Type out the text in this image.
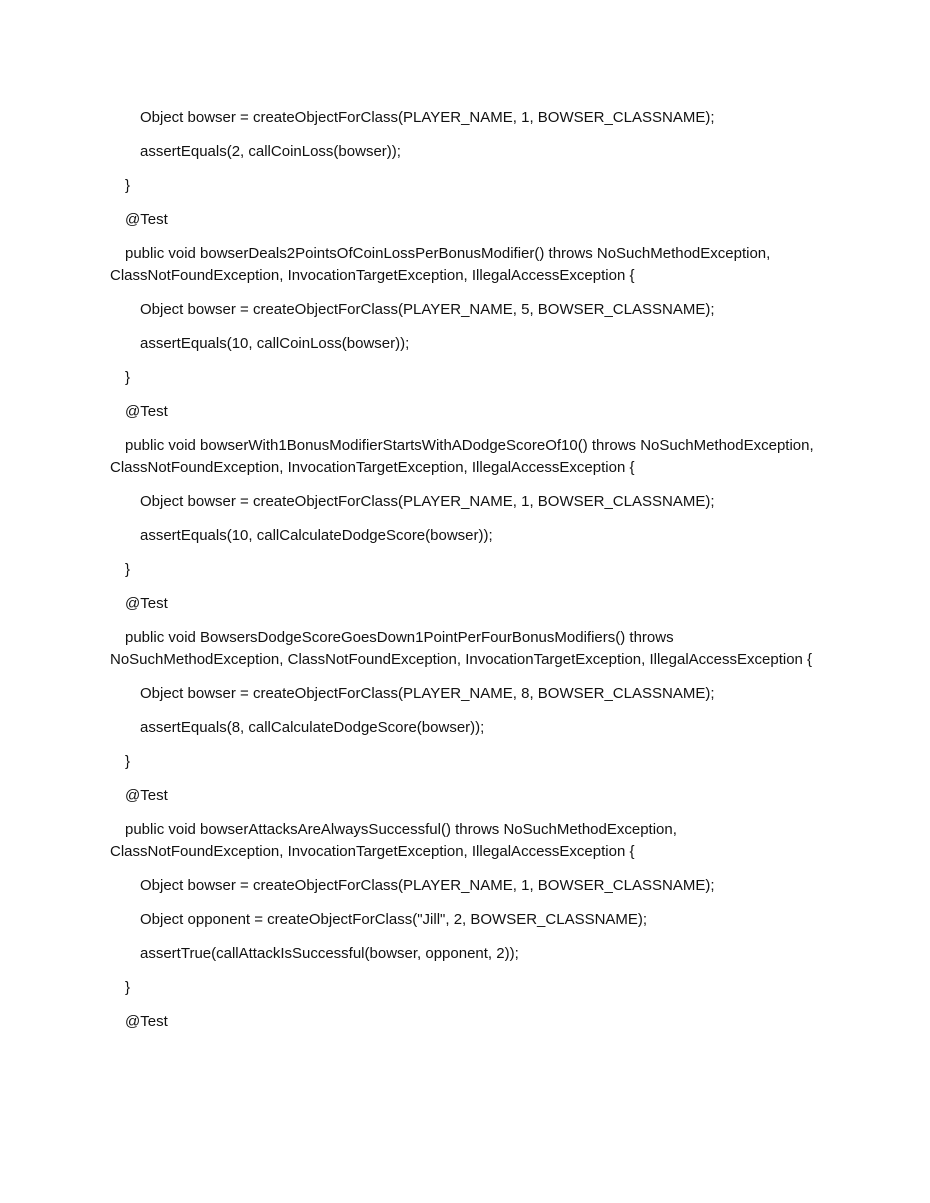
Object bowser = createObjectForClass(PLAYER_NAME, 1, BOWSER_CLASSNAME);

assertEquals(2, callCoinLoss(bowser));

}

@Test

public void bowserDeals2PointsOfCoinLossPerBonusModifier() throws NoSuchMethodException, ClassNotFoundException, InvocationTargetException, IllegalAccessException {

Object bowser = createObjectForClass(PLAYER_NAME, 5, BOWSER_CLASSNAME);

assertEquals(10, callCoinLoss(bowser));

}

@Test

public void bowserWith1BonusModifierStartsWithADodgeScoreOf10() throws NoSuchMethodException, ClassNotFoundException, InvocationTargetException, IllegalAccessException {

Object bowser = createObjectForClass(PLAYER_NAME, 1, BOWSER_CLASSNAME);

assertEquals(10, callCalculateDodgeScore(bowser));

}

@Test

public void BowsersDodgeScoreGoesDown1PointPerFourBonusModifiers() throws NoSuchMethodException, ClassNotFoundException, InvocationTargetException, IllegalAccessException {

Object bowser = createObjectForClass(PLAYER_NAME, 8, BOWSER_CLASSNAME);

assertEquals(8, callCalculateDodgeScore(bowser));

}

@Test

public void bowserAttacksAreAlwaysSuccessful() throws NoSuchMethodException, ClassNotFoundException, InvocationTargetException, IllegalAccessException {

Object bowser = createObjectForClass(PLAYER_NAME, 1, BOWSER_CLASSNAME);

Object opponent = createObjectForClass("Jill", 2, BOWSER_CLASSNAME);

assertTrue(callAttackIsSuccessful(bowser, opponent, 2));

}

@Test
